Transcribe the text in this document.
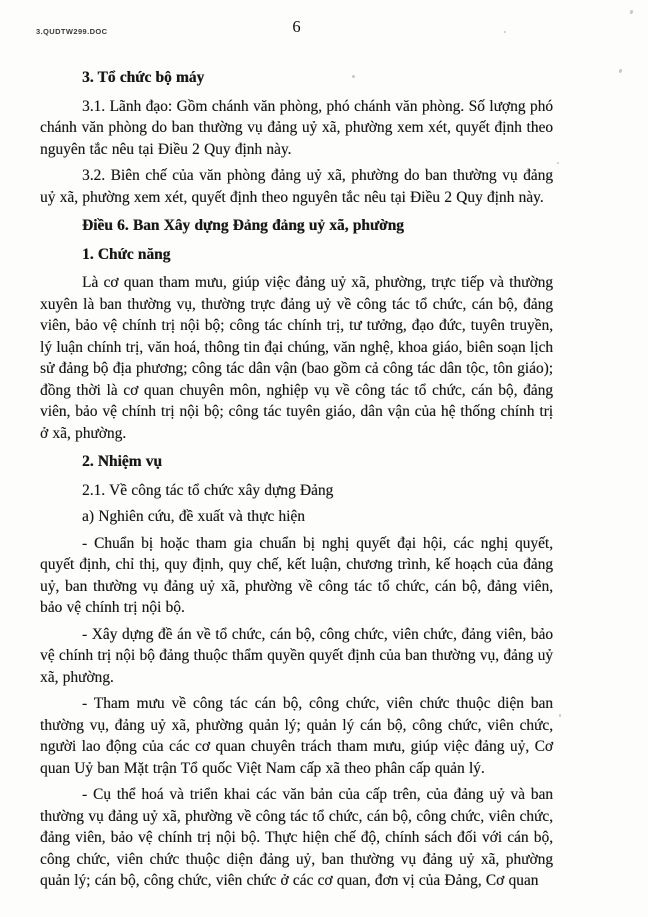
3.QUDTW299.DOC	6

3. Tổ chức bộ máy

3.1. Lãnh đạo: Gồm chánh văn phòng, phó chánh văn phòng. Số lượng phó chánh văn phòng do ban thường vụ đảng uỷ xã, phường xem xét, quyết định theo nguyên tắc nêu tại Điều 2 Quy định này.

3.2. Biên chế của văn phòng đảng uỷ xã, phường do ban thường vụ đảng uỷ xã, phường xem xét, quyết định theo nguyên tắc nêu tại Điều 2 Quy định này.

Điều 6. Ban Xây dựng Đảng đảng uỷ xã, phường

1. Chức năng

Là cơ quan tham mưu, giúp việc đảng uỷ xã, phường, trực tiếp và thường xuyên là ban thường vụ, thường trực đảng uỷ về công tác tổ chức, cán bộ, đảng viên, bảo vệ chính trị nội bộ; công tác chính trị, tư tưởng, đạo đức, tuyên truyền, lý luận chính trị, văn hoá, thông tin đại chúng, văn nghệ, khoa giáo, biên soạn lịch sử đảng bộ địa phương; công tác dân vận (bao gồm cả công tác dân tộc, tôn giáo); đồng thời là cơ quan chuyên môn, nghiệp vụ về công tác tổ chức, cán bộ, đảng viên, bảo vệ chính trị nội bộ; công tác tuyên giáo, dân vận của hệ thống chính trị ở xã, phường.

2. Nhiệm vụ

2.1. Về công tác tổ chức xây dựng Đảng

a) Nghiên cứu, đề xuất và thực hiện

- Chuẩn bị hoặc tham gia chuẩn bị nghị quyết đại hội, các nghị quyết, quyết định, chỉ thị, quy định, quy chế, kết luận, chương trình, kế hoạch của đảng uỷ, ban thường vụ đảng uỷ xã, phường về công tác tổ chức, cán bộ, đảng viên, bảo vệ chính trị nội bộ.

- Xây dựng đề án về tổ chức, cán bộ, công chức, viên chức, đảng viên, bảo vệ chính trị nội bộ đảng thuộc thẩm quyền quyết định của ban thường vụ, đảng uỷ xã, phường.

- Tham mưu về công tác cán bộ, công chức, viên chức thuộc diện ban thường vụ, đảng uỷ xã, phường quản lý; quản lý cán bộ, công chức, viên chức, người lao động của các cơ quan chuyên trách tham mưu, giúp việc đảng uỷ, Cơ quan Uỷ ban Mặt trận Tổ quốc Việt Nam cấp xã theo phân cấp quản lý.

- Cụ thể hoá và triển khai các văn bản của cấp trên, của đảng uỷ và ban thường vụ đảng uỷ xã, phường về công tác tổ chức, cán bộ, công chức, viên chức, đảng viên, bảo vệ chính trị nội bộ. Thực hiện chế độ, chính sách đối với cán bộ, công chức, viên chức thuộc diện đảng uỷ, ban thường vụ đảng uỷ xã, phường quản lý; cán bộ, công chức, viên chức ở các cơ quan, đơn vị của Đảng, Cơ quan
